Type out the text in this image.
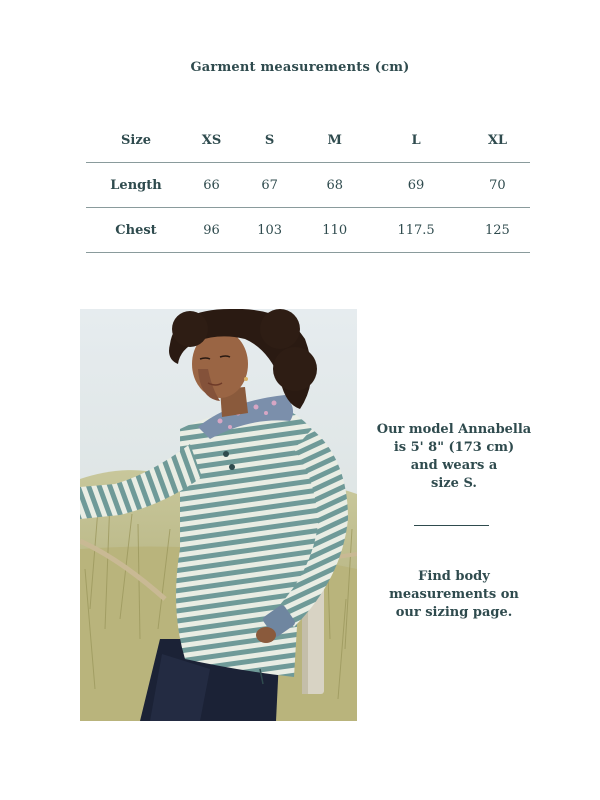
Garment measurements (cm)
Size	XS	S	M	L	XL
Length	66	67	68	69	70
Chest	96	103	110	117.5	125
Our model Annabella
is 5' 8" (173 cm)
and wears a
size S.
Find body
measurements on
our sizing page.
